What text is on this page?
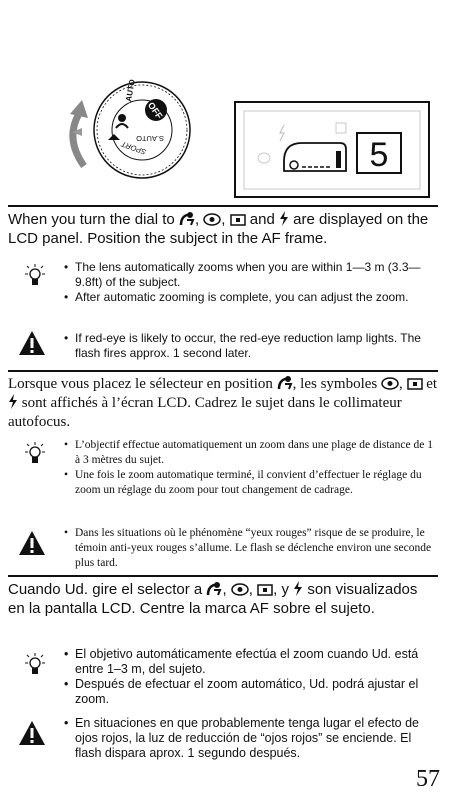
OFF
AUTO
S.AUTO
SPORT	5
When you turn the dial to , ,  and are displayed on the LCD panel. Position the subject in the AF frame.
• The lens automatically zooms when you are within 1—3 m (3.3—9.8ft) of the subject.
• After automatic zooming is complete, you can adjust the zoom.
• If red-eye is likely to occur, the red-eye reduction lamp lights. The flash fires approx. 1 second later.
Lorsque vous placez le sélecteur en position , les symboles ,  et  sont affichés à l’écran LCD. Cadrez le sujet dans le collimateur autofocus.
• L’objectif effectue automatiquement un zoom dans une plage de distance de 1 à 3 mètres du sujet.
• Une fois le zoom automatique terminé, il convient d’effectuer le réglage du zoom un réglage du zoom pour tout changement de cadrage.
• Dans les situations où le phénomène “yeux rouges” risque de se produire, le témoin anti-yeux rouges s’allume. Le flash se déclenche environ une seconde plus tard.
Cuando Ud. gire el selector a , , , y son visualizados en la pantalla LCD. Centre la marca AF sobre el sujeto.
• El objetivo automáticamente efectúa el zoom cuando Ud. está entre 1–3 m, del sujeto.
• Después de efectuar el zoom automático, Ud. podrá ajustar el zoom.
• En situaciones en que probablemente tenga lugar el efecto de ojos rojos, la luz de reducción de “ojos rojos” se enciende. El flash dispara aprox. 1 segundo después.
57
